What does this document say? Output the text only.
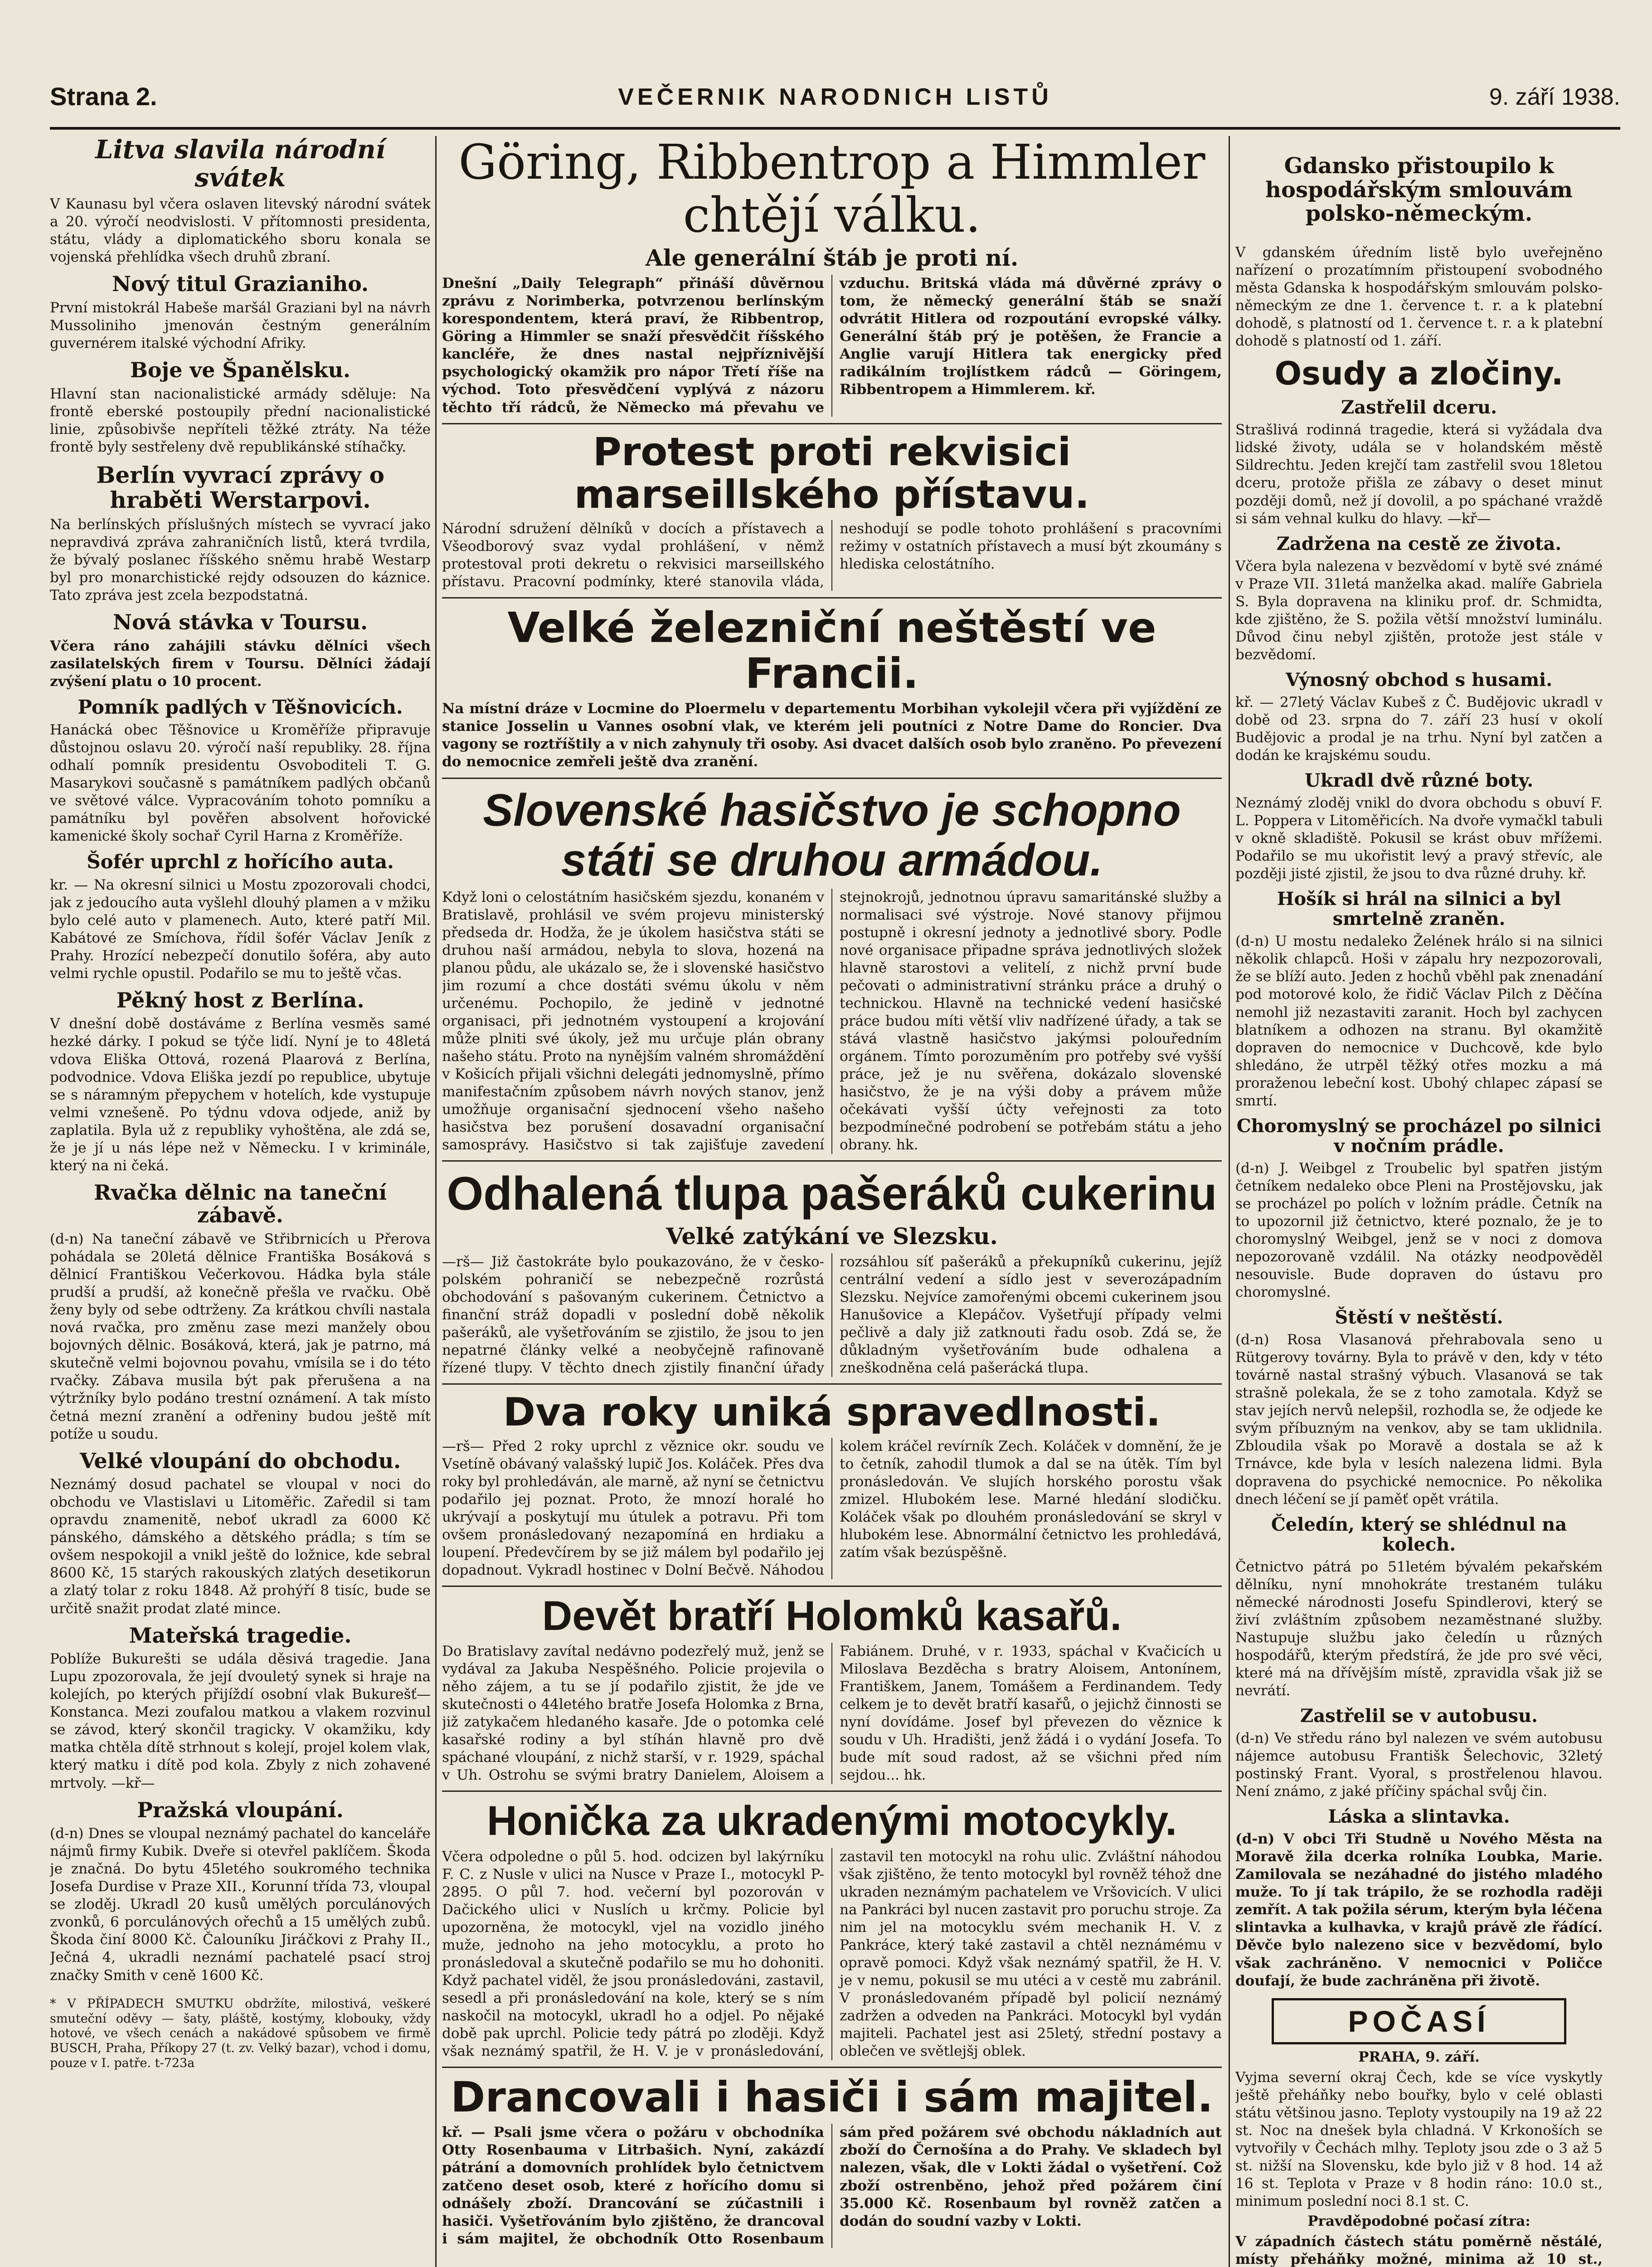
Strana 2.	VEČERNIK NARODNICH LISTŮ	9. září 1938.
Litva slavila národní svátek

V Kaunasu byl včera oslaven litevský národní svátek a 20. výročí neodvislosti. V přítomnosti presidenta, státu, vlády a diplomatického sboru konala se vojenská přehlídka všech druhů zbraní.

Nový titul Grazianiho.

První mistokrál Habeše maršál Graziani byl na návrh Mussoliniho jmenován čestným generálním guvernérem italské východní Afriky.

Boje ve Španělsku.

Hlavní stan nacionalistické armády sděluje: Na frontě eberské postoupily přední nacionalistické linie, způsobivše nepříteli těžké ztráty. Na téže frontě byly sestřeleny dvě republikánské stíhačky.

Berlín vyvrací zprávy o hraběti Werstarpovi.

Na berlínských příslušných místech se vyvrací jako nepravdivá zpráva zahraničních listů, která tvrdila, že bývalý poslanec říšského sněmu hrabě Westarp byl pro monarchistické rejdy odsouzen do káznice. Tato zpráva jest zcela bezpodstatná.

Nová stávka v Toursu.

Včera ráno zahájili stávku dělníci všech zasilatelských firem v Toursu. Dělníci žádají zvýšení platu o 10 procent.

Pomník padlých v Těšnovicích.

Hanácká obec Těšnovice u Kroměříže připravuje důstojnou oslavu 20. výročí naší republiky. 28. října odhalí pomník presidentu Osvoboditeli T. G. Masarykovi současně s památníkem padlých občanů ve světové válce. Vypracováním tohoto pomníku a památníku byl pověřen absolvent hořovické kamenické školy sochař Cyril Harna z Kroměříže.

Šofér uprchl z hořícího auta.

kr. — Na okresní silnici u Mostu zpozorovali chodci, jak z jedoucího auta vyšlehl dlouhý plamen a v mžiku bylo celé auto v plamenech. Auto, které patří Mil. Kabátové ze Smíchova, řídil šofér Václav Jeník z Prahy. Hrozící nebezpečí donutilo šoféra, aby auto velmi rychle opustil. Podařilo se mu to ještě včas.

Pěkný host z Berlína.

V dnešní době dostáváme z Berlína vesměs samé hezké dárky. I pokud se týče lidí. Nyní je to 48letá vdova Eliška Ottová, rozená Plaarová z Berlína, podvodnice. Vdova Eliška jezdí po republice, ubytuje se s náramným přepychem v hotelích, kde vystupuje velmi vznešeně. Po týdnu vdova odjede, aniž by zaplatila. Byla už z republiky vyhoštěna, ale zdá se, že je jí u nás lépe než v Německu. I v kriminále, který na ni čeká.

Rvačka dělnic na taneční zábavě.

(d-n) Na taneční zábavě ve Střibrnicích u Přerova pohádala se 20letá dělnice Františka Bosáková s dělnicí Františkou Večerkovou. Hádka byla stále prudší a prudší, až konečně přešla ve rvačku. Obě ženy byly od sebe odtrženy. Za krátkou chvíli nastala nová rvačka, pro změnu zase mezi manžely obou bojovných dělnic. Bosáková, která, jak je patrno, má skutečně velmi bojovnou povahu, vmísila se i do této rvačky. Zábava musila být pak přerušena a na výtržníky bylo podáno trestní oznámení. A tak místo četná mezní zranění a odřeniny budou ještě mít potíže u soudu.

Velké vloupání do obchodu.

Neznámý dosud pachatel se vloupal v noci do obchodu ve Vlastislavi u Litoměřic. Zaředil si tam opravdu znamenitě, neboť ukradl za 6000 Kč pánského, dámského a dětského prádla; s tím se ovšem nespokojil a vnikl ještě do ložnice, kde sebral 8600 Kč, 15 starých rakouských zlatých desetikorun a zlatý tolar z roku 1848. Až prohýří 8 tisíc, bude se určitě snažit prodat zlaté mince.

Mateřská tragedie.

Poblíže Bukurešti se udála děsivá tragedie. Jana Lupu zpozorovala, že její dvouletý synek si hraje na kolejích, po kterých přijíždí osobní vlak Bukurešť—Konstanca. Mezi zoufalou matkou a vlakem rozvinul se závod, který skončil tragicky. V okamžiku, kdy matka chtěla dítě strhnout s kolejí, projel kolem vlak, který matku i dítě pod kola. Zbyly z nich zohavené mrtvoly. —kř—

Pražská vloupání.

(d-n) Dnes se vloupal neznámý pachatel do kanceláře nájmů firmy Kubik. Dveře si otevřel paklíčem. Škoda je značná. Do bytu 45letého soukromého technika Josefa Durdise v Praze XII., Korunní třída 73, vloupal se zloděj. Ukradl 20 kusů umělých porculánových zvonků, 6 porculánových ořechů a 15 umělých zubů. Škoda činí 8000 Kč. Čalouníku Jiráčkovi z Prahy II., Ječná 4, ukradli neznámí pachatelé psací stroj značky Smith v ceně 1600 Kč.

* V PŘÍPADECH SMUTKU obdržíte, milostivá, veškeré smuteční oděvy — šaty, pláště, kostýmy, klobouky, vždy hotové, ve všech cenách a nakádové spůsobem ve firmě BUSCH, Praha, Příkopy 27 (t. zv. Velký bazar), vchod i domu, pouze v I. patře. t-723a

Göring, Ribbentrop a Himmler chtějí válku.
Ale generální štáb je proti ní.

Dnešní „Daily Telegraph“ přináší důvěrnou zprávu z Norimberka, potvrzenou berlínským korespondentem, která praví, že Ribbentrop, Göring a Himmler se snaží přesvědčit říšského kancléře, že dnes nastal nejpříznivější psychologický okamžik pro nápor Třetí říše na východ. Toto přesvědčení vyplývá z názoru těchto tří rádců, že Německo má převahu ve vzduchu. Britská vláda má důvěrné zprávy o tom, že německý generální štáb se snaží odvrátit Hitlera od rozpoutání evropské války. Generální štáb prý je potěšen, že Francie a Anglie varují Hitlera tak energicky před radikálním trojlístkem rádců — Göringem, Ribbentropem a Himmlerem. kř.

Protest proti rekvisici marseillského přístavu.

Národní sdružení dělníků v docích a přístavech a Všeodborový svaz vydal prohlášení, v němž protestoval proti dekretu o rekvisici marseillského přístavu. Pracovní podmínky, které stanovila vláda, neshodují se podle tohoto prohlášení s pracovními režimy v ostatních přístavech a musí být zkoumány s hlediska celostátního.

Velké železniční neštěstí ve Francii.

Na místní dráze v Locmine do Ploermelu v departementu Morbihan vykolejil včera při vyjíždění ze stanice Josselin u Vannes osobní vlak, ve kterém jeli poutníci z Notre Dame do Roncier. Dva vagony se roztříštily a v nich zahynuly tři osoby. Asi dvacet dalších osob bylo zraněno. Po převezení do nemocnice zemřeli ještě dva zranění.

Slovenské hasičstvo je schopno státi se druhou armádou.

Když loni o celostátním hasičském sjezdu, konaném v Bratislavě, prohlásil ve svém projevu ministerský předseda dr. Hodža, že je úkolem hasičstva státi se druhou naší armádou, nebyla to slova, hozená na planou půdu, ale ukázalo se, že i slovenské hasičstvo jim rozumí a chce dostáti svému úkolu v něm určenému. Pochopilo, že jedině v jednotné organisaci, při jednotném vystoupení a krojování může plniti své úkoly, jež mu určuje plán obrany našeho státu. Proto na nynějším valném shromáždění v Košicích přijali všichni delegáti jednomyslně, přímo manifestačním způsobem návrh nových stanov, jenž umožňuje organisační sjednocení všeho našeho hasičstva bez porušení dosavadní organisační samosprávy. Hasičstvo si tak zajišťuje zavedení stejnokrojů, jednotnou úpravu samaritánské služby a normalisaci své výstroje. Nové stanovy přijmou postupně i okresní jednoty a jednotlivé sbory. Podle nové organisace připadne správa jednotlivých složek hlavně starostovi a velitelí, z nichž první bude pečovati o administrativní stránku práce a druhý o technickou. Hlavně na technické vedení hasičské práce budou míti větší vliv nadřízené úřady, a tak se stává vlastně hasičstvo jakýmsi polouředním orgánem. Tímto porozuměním pro potřeby své vyšší práce, jež je nu svěřena, dokázalo slovenské hasičstvo, že je na výši doby a právem může očekávati vyšší účty veřejnosti za toto bezpodmínečné podrobení se potřebám státu a jeho obrany. hk.

Odhalená tlupa pašeráků cukerinu
Velké zatýkání ve Slezsku.

—rš— Již častokráte bylo poukazováno, že v česko-polském pohraničí se nebezpečně rozrůstá obchodování s pašovaným cukerinem. Četnictvo a finanční stráž dopadli v poslední době několik pašeráků, ale vyšetřováním se zjistilo, že jsou to jen nepatrné články velké a neobyčejně rafinovaně řízené tlupy. V těchto dnech zjistily finanční úřady rozsáhlou síť pašeráků a překupníků cukerinu, jejíž centrální vedení a sídlo jest v severozápadním Slezsku. Nejvíce zamořenými obcemi cukerinem jsou Hanušovice a Klepáčov. Vyšetřují případy velmi pečlivě a daly již zatknouti řadu osob. Zdá se, že důkladným vyšetřováním bude odhalena a zneškodněna celá pašerácká tlupa.

Dva roky uniká spravedlnosti.

—rš— Před 2 roky uprchl z věznice okr. soudu ve Vsetíně obávaný valašský lupič Jos. Koláček. Přes dva roky byl prohledáván, ale marně, až nyní se četnictvu podařilo jej poznat. Proto, že mnozí horalé ho ukrývají a poskytují mu útulek a potravu. Při tom ovšem pronásledovaný nezapomíná en hrdiaku a loupení. Předevčírem by se již málem byl podařilo jej dopadnout. Vykradl hostinec v Dolní Bečvě. Náhodou kolem kráčel revírník Zech. Koláček v domnění, že je to četník, zahodil tlumok a dal se na útěk. Tím byl pronásledován. Ve slujích horského porostu však zmizel. Hlubokém lese. Marné hledání slodičku. Koláček však po dlouhém pronásledování se skryl v hlubokém lese. Abnormální četnictvo les prohledává, zatím však bezúspěšně.

Devět bratří Holomků kasařů.

Do Bratislavy zavítal nedávno podezřelý muž, jenž se vydával za Jakuba Nespěšného. Policie projevila o něho zájem, a tu se jí podařilo zjistit, že jde ve skutečnosti o 44letého bratře Josefa Holomka z Brna, již zatykačem hledaného kasaře. Jde o potomka celé kasařské rodiny a byl stíhán hlavně pro dvě spáchané vloupání, z nichž starší, v r. 1929, spáchal v Uh. Ostrohu se svými bratry Danielem, Aloisem a Fabiánem. Druhé, v r. 1933, spáchal v Kvačicích u Miloslava Bezděcha s bratry Aloisem, Antonínem, Františkem, Janem, Tomášem a Ferdinandem. Tedy celkem je to devět bratří kasařů, o jejichž činnosti se nyní dovídáme. Josef byl převezen do věznice k soudu v Uh. Hradišti, jenž žádá i o vydání Josefa. To bude mít soud radost, až se všichni před ním sejdou... hk.

Honička za ukradenými motocykly.

Včera odpoledne o půl 5. hod. odcizen byl lakýrníku F. C. z Nusle v ulici na Nusce v Praze I., motocykl P-2895. O půl 7. hod. večerní byl pozorován v Dačického ulici v Nuslích u krčmy. Policie byl upozorněna, že motocykl, vjel na vozidlo jiného muže, jednoho na jeho motocyklu, a proto ho pronásledoval a skutečně podařilo se mu ho dohoniti. Když pachatel viděl, že jsou pronásledováni, zastavil, sesedl a při pronásledování na kole, který se s ním naskočil na motocykl, ukradl ho a odjel. Po nějaké době pak uprchl. Policie tedy pátrá po zloději. Když však neznámý spatřil, že H. V. je v pronásledování, zastavil ten motocykl na rohu ulic. Zvláštní náhodou však zjištěno, že tento motocykl byl rovněž téhož dne ukraden neznámým pachatelem ve Vršovicích. V ulici na Pankráci byl nucen zastavit pro poruchu stroje. Za nim jel na motocyklu svém mechanik H. V. z Pankráce, který také zastavil a chtěl neznámému v opravě pomoci. Když však neznámý spatřil, že H. V. je v nemu, pokusil se mu utéci a v cestě mu zabránil. V pronásledovaném případě byl policií neznámý zadržen a odveden na Pankráci. Motocykl byl vydán majiteli. Pachatel jest asi 25letý, střední postavy a oblečen ve světlejšj oblek.

Drancovali i hasiči i sám majitel.

kř. — Psali jsme včera o požáru v obchodníka Otty Rosenbauma v Litrbašich. Nyní, zakázdí pátrání a domovních prohlídek bylo četnictvem zatčeno deset osob, které z hořícího domu si odnášely zboží. Drancování se zúčastnili i hasiči. Vyšetřováním bylo zjištěno, že drancoval i sám majitel, že obchodník Otto Rosenbaum sám před požárem své obchodu nákladních aut zboží do Černošína a do Prahy. Ve skladech byl nalezen, však, dle v Lokti žádal o vyšetření. Což zboží ostrenběno, jehož před požárem činí 35.000 Kč. Rosenbaum byl rovněž zatčen a dodán do soudní vazby v Lokti.

Gdansko přistoupilo k hospodářským smlouvám polsko-německým.

V gdanském úředním listě bylo uveřejněno nařízení o prozatímním přistoupení svobodného města Gdanska k hospodářským smlouvám polsko-německým ze dne 1. července t. r. a k platební dohodě, s platností od 1. července t. r. a k platební dohodě s platností od 1. září.

Osudy a zločiny.
Zastřelil dceru.

Strašlivá rodinná tragedie, která si vyžádala dva lidské životy, udála se v holandském městě Sildrechtu. Jeden krejčí tam zastřelil svou 18letou dceru, protože přišla ze zábavy o deset minut později domů, než jí dovolil, a po spáchané vraždě si sám vehnal kulku do hlavy. —kř—

Zadržena na cestě ze života.

Včera byla nalezena v bezvědomí v bytě své známé v Praze VII. 31letá manželka akad. malíře Gabriela S. Byla dopravena na kliniku prof. dr. Schmidta, kde zjištěno, že S. požila větší množství luminálu. Důvod činu nebyl zjištěn, protože jest stále v bezvědomí.

Výnosný obchod s husami.

kř. — 27letý Václav Kubeš z Č. Budějovic ukradl v době od 23. srpna do 7. září 23 husí v okolí Budějovic a prodal je na trhu. Nyní byl zatčen a dodán ke krajskému soudu.

Ukradl dvě různé boty.

Neznámý zloděj vnikl do dvora obchodu s obuví F. L. Poppera v Litoměřicích. Na dvoře vymačkl tabuli v okně skladiště. Pokusil se krást obuv mřížemi. Podařilo se mu ukořistit levý a pravý střevíc, ale později jisté zjistil, že jsou to dva různé druhy. kř.

Hošík si hrál na silnici a byl smrtelně zraněn.

(d-n) U mostu nedaleko Želének hrálo si na silnici několik chlapců. Hoši v zápalu hry nezpozorovali, že se blíží auto. Jeden z hochů vběhl pak znenadání pod motorové kolo, že řidič Václav Pilch z Děčína nemohl již nezastaviti zaranit. Hoch byl zachycen blatníkem a odhozen na stranu. Byl okamžitě dopraven do nemocnice v Duchcově, kde bylo shledáno, že utrpěl těžký otřes mozku a má proraženou lebeční kost. Ubohý chlapec zápasí se smrtí.

Choromyslný se procházel po silnici v nočním prádle.

(d-n) J. Weibgel z Troubelic byl spatřen jistým četníkem nedaleko obce Pleni na Prostějovsku, jak se procházel po polích v ložním prádle. Četník na to upozornil již četnictvo, které poznalo, že je to choromyslný Weibgel, jenž se v noci z domova nepozorovaně vzdálil. Na otázky neodpověděl nesouvisle. Bude dopraven do ústavu pro choromyslné.

Štěstí v neštěstí.

(d-n) Rosa Vlasanová přehrabovala seno u Rütgerovy továrny. Byla to právě v den, kdy v této továrně nastal strašný výbuch. Vlasanová se tak strašně polekala, že se z toho zamotala. Když se stav jejích nervů nelepšil, rozhodla se, že odjede ke svým příbuzným na venkov, aby se tam uklidnila. Zbloudila však po Moravě a dostala se až k Trnávce, kde byla v lesích nalezena lidmi. Byla dopravena do psychické nemocnice. Po několika dnech léčení se jí paměť opět vrátila.

Čeledín, který se shlédnul na kolech.

Četnictvo pátrá po 51letém bývalém pekařském dělníku, nyní mnohokráte trestaném tuláku německé národnosti Josefu Spindlerovi, který se živí zvláštním způsobem nezaměstnané služby. Nastupuje službu jako čeledín u různých hospodářů, kterým předstírá, že jde pro své věci, které má na dřívějším místě, zpravidla však již se nevrátí.

Zastřelil se v autobusu.

(d-n) Ve středu ráno byl nalezen ve svém autobusu nájemce autobusu Františk Šelechovic, 32letý postinský Frant. Vyoral, s prostřelenou hlavou. Není známo, z jaké příčiny spáchal svůj čin.

Láska a slintavka.

(d-n) V obci Tři Studně u Nového Města na Moravě žila dcerka rolníka Loubka, Marie. Zamilovala se nezáhadné do jistého mladého muže. To jí tak trápilo, že se rozhodla raději zemřít. A tak požila sérum, kterým byla léčena slintavka a kulhavka, v krajů právě zle řádící. Děvče bylo nalezeno sice v bezvědomí, bylo však zachráněno. V nemocnici v Poličce doufají, že bude zachráněna při životě.

POČASÍ
PRAHA, 9. září.

Vyjma severní okraj Čech, kde se více vyskytly ještě přeháňky nebo bouřky, bylo v celé oblasti státu většinou jasno. Teploty vystoupily na 19 až 22 st. Noc na dnešek byla chladná. V Krkonoších se vytvořily v Čechách mlhy. Teploty jsou zde o 3 až 5 st. nižší na Slovensku, kde bylo již v 8 hod. 14 až 16 st. Teplota v Praze v 8 hodin ráno: 10.0 st., minimum poslední noci 8.1 st. C.

Pravděpodobné počasí zítra:

V západních částech státu poměrně něstálé, místy přeháňky možné, minima až 10 st.,
